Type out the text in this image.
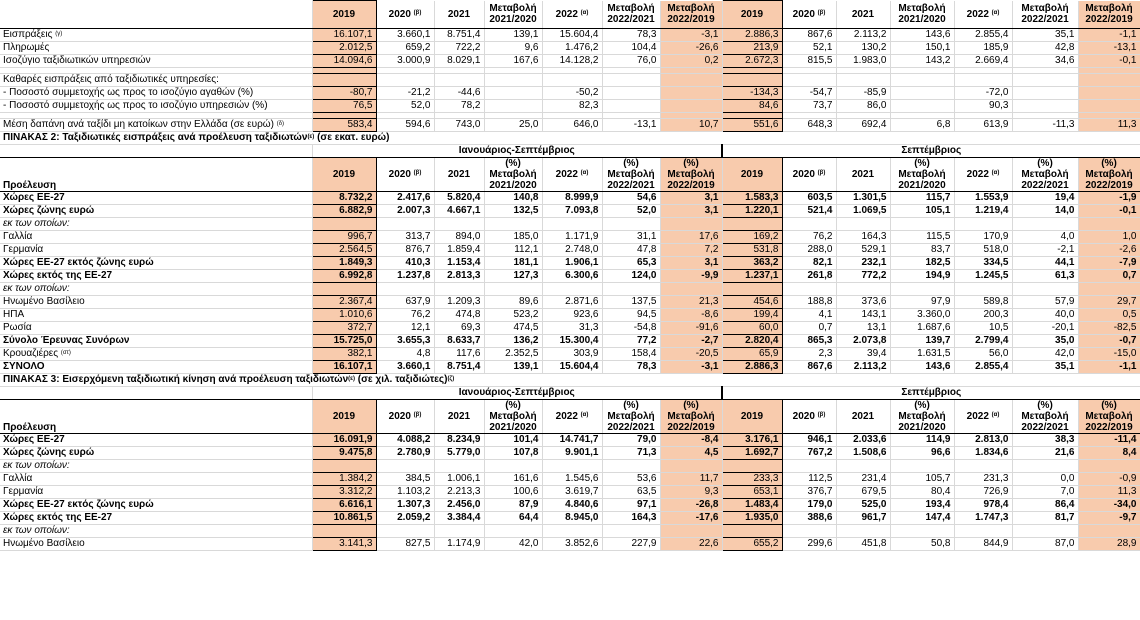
	2019	2020 $^{(\beta)}$	2021	Μεταβολή 2021/2020	2022 $^{(\alpha)}$	Μεταβολή 2022/2021	Μεταβολή 2022/2019	2019	2020 $^{(\beta)}$	2021	Μεταβολή 2021/2020	2022 $^{(\alpha)}$	Μεταβολή 2022/2021	Μεταβολή 2022/2019
Εισπράξεις $^{(\gamma)}$	16.107,1	3.660,1	8.751,4	139,1	15.604,4	78,3	-3,1	2.886,3	867,6	2.113,2	143,6	2.855,4	35,1	-1,1
Πληρωμές	2.012,5	659,2	722,2	9,6	1.476,2	104,4	-26,6	213,9	52,1	130,2	150,1	185,9	42,8	-13,1
Ισοζύγιο ταξιδιωτικών υπηρεσιών	14.094,6	3.000,9	8.029,1	167,6	14.128,2	76,0	0,2	2.672,3	815,5	1.983,0	143,2	2.669,4	34,6	-0,1

Καθαρές εισπράξεις από ταξιδιωτικές υπηρεσίες:														
- Ποσοστό συμμετοχής ως προς το ισοζύγιο αγαθών (%)	-80,7	-21,2	-44,6		-50,2			-134,3	-54,7	-85,9		-72,0		
- Ποσοστό συμμετοχής ως προς το ισοζύγιο υπηρεσιών (%)	76,5	52,0	78,2		82,3			84,6	73,7	86,0		90,3		

Μέση δαπάνη ανά ταξίδι μη κατοίκων στην Ελλάδα (σε ευρώ) $^{(\delta)}$	583,4	594,6	743,0	25,0	646,0	-13,1	10,7	551,6	648,3	692,4	6,8	613,9	-11,3	11,3
ΠΙΝΑΚΑΣ 2: Ταξιδιωτικές εισπράξεις ανά προέλευση ταξιδιωτών$^{(\varepsilon)}$ (σε εκατ. ευρώ)														
	Ιανουάριος-Σεπτέμβριος							Σεπτέμβριος						
Προέλευση	2019	2020 $^{(\beta)}$	2021	(%) Μεταβολή 2021/2020	2022 $^{(\alpha)}$	(%) Μεταβολή 2022/2021	(%) Μεταβολή 2022/2019	2019	2020 $^{(\beta)}$	2021	(%) Μεταβολή 2021/2020	2022 $^{(\alpha)}$	(%) Μεταβολή 2022/2021	(%) Μεταβολή 2022/2019
Χώρες ΕΕ-27	8.732,2	2.417,6	5.820,4	140,8	8.999,9	54,6	3,1	1.583,3	603,5	1.301,5	115,7	1.553,9	19,4	-1,9
Χώρες ζώνης ευρώ	6.882,9	2.007,3	4.667,1	132,5	7.093,8	52,0	3,1	1.220,1	521,4	1.069,5	105,1	1.219,4	14,0	-0,1
εκ των οποίων:														
Γαλλία	996,7	313,7	894,0	185,0	1.171,9	31,1	17,6	169,2	76,2	164,3	115,5	170,9	4,0	1,0
Γερμανία	2.564,5	876,7	1.859,4	112,1	2.748,0	47,8	7,2	531,8	288,0	529,1	83,7	518,0	-2,1	-2,6
Χώρες ΕΕ-27 εκτός ζώνης ευρώ	1.849,3	410,3	1.153,4	181,1	1.906,1	65,3	3,1	363,2	82,1	232,1	182,5	334,5	44,1	-7,9
Χώρες εκτός της ΕΕ-27	6.992,8	1.237,8	2.813,3	127,3	6.300,6	124,0	-9,9	1.237,1	261,8	772,2	194,9	1.245,5	61,3	0,7
εκ των οποίων:														
Ηνωμένο Βασίλειο	2.367,4	637,9	1.209,3	89,6	2.871,6	137,5	21,3	454,6	188,8	373,6	97,9	589,8	57,9	29,7
ΗΠΑ	1.010,6	76,2	474,8	523,2	923,6	94,5	-8,6	199,4	4,1	143,1	3.360,0	200,3	40,0	0,5
Ρωσία	372,7	12,1	69,3	474,5	31,3	-54,8	-91,6	60,0	0,7	13,1	1.687,6	10,5	-20,1	-82,5
Σύνολο Έρευνας Συνόρων	15.725,0	3.655,3	8.633,7	136,2	15.300,4	77,2	-2,7	2.820,4	865,3	2.073,8	139,7	2.799,4	35,0	-0,7
Κρουαζιέρες $^{(\sigma\tau)}$	382,1	4,8	117,6	2.352,5	303,9	158,4	-20,5	65,9	2,3	39,4	1.631,5	56,0	42,0	-15,0
ΣΥΝΟΛΟ	16.107,1	3.660,1	8.751,4	139,1	15.604,4	78,3	-3,1	2.886,3	867,6	2.113,2	143,6	2.855,4	35,1	-1,1
ΠΙΝΑΚΑΣ 3: Εισερχόμενη ταξιδιωτική κίνηση ανά προέλευση ταξιδιωτών$^{(\varepsilon)}$ (σε χιλ. ταξιδιώτες)$^{(\zeta)}$
	Ιανουάριος-Σεπτέμβριος							Σεπτέμβριος						
Προέλευση	2019	2020 $^{(\beta)}$	2021	(%) Μεταβολή 2021/2020	2022 $^{(\alpha)}$	(%) Μεταβολή 2022/2021	(%) Μεταβολή 2022/2019	2019	2020 $^{(\beta)}$	2021	(%) Μεταβολή 2021/2020	2022 $^{(\alpha)}$	(%) Μεταβολή 2022/2021	(%) Μεταβολή 2022/2019
Χώρες ΕΕ-27	16.091,9	4.088,2	8.234,9	101,4	14.741,7	79,0	-8,4	3.176,1	946,1	2.033,6	114,9	2.813,0	38,3	-11,4
Χώρες ζώνης ευρώ	9.475,8	2.780,9	5.779,0	107,8	9.901,1	71,3	4,5	1.692,7	767,2	1.508,6	96,6	1.834,6	21,6	8,4
εκ των οποίων:														
Γαλλία	1.384,2	384,5	1.006,1	161,6	1.545,6	53,6	11,7	233,3	112,5	231,4	105,7	231,3	0,0	-0,9
Γερμανία	3.312,2	1.103,2	2.213,3	100,6	3.619,7	63,5	9,3	653,1	376,7	679,5	80,4	726,9	7,0	11,3
Χώρες ΕΕ-27 εκτός ζώνης ευρώ	6.616,1	1.307,3	2.456,0	87,9	4.840,6	97,1	-26,8	1.483,4	179,0	525,0	193,4	978,4	86,4	-34,0
Χώρες εκτός της ΕΕ-27	10.861,5	2.059,2	3.384,4	64,4	8.945,0	164,3	-17,6	1.935,0	388,6	961,7	147,4	1.747,3	81,7	-9,7
εκ των οποίων:														
Ηνωμένο Βασίλειο	3.141,3	827,5	1.174,9	42,0	3.852,6	227,9	22,6	655,2	299,6	451,8	50,8	844,9	87,0	28,9
